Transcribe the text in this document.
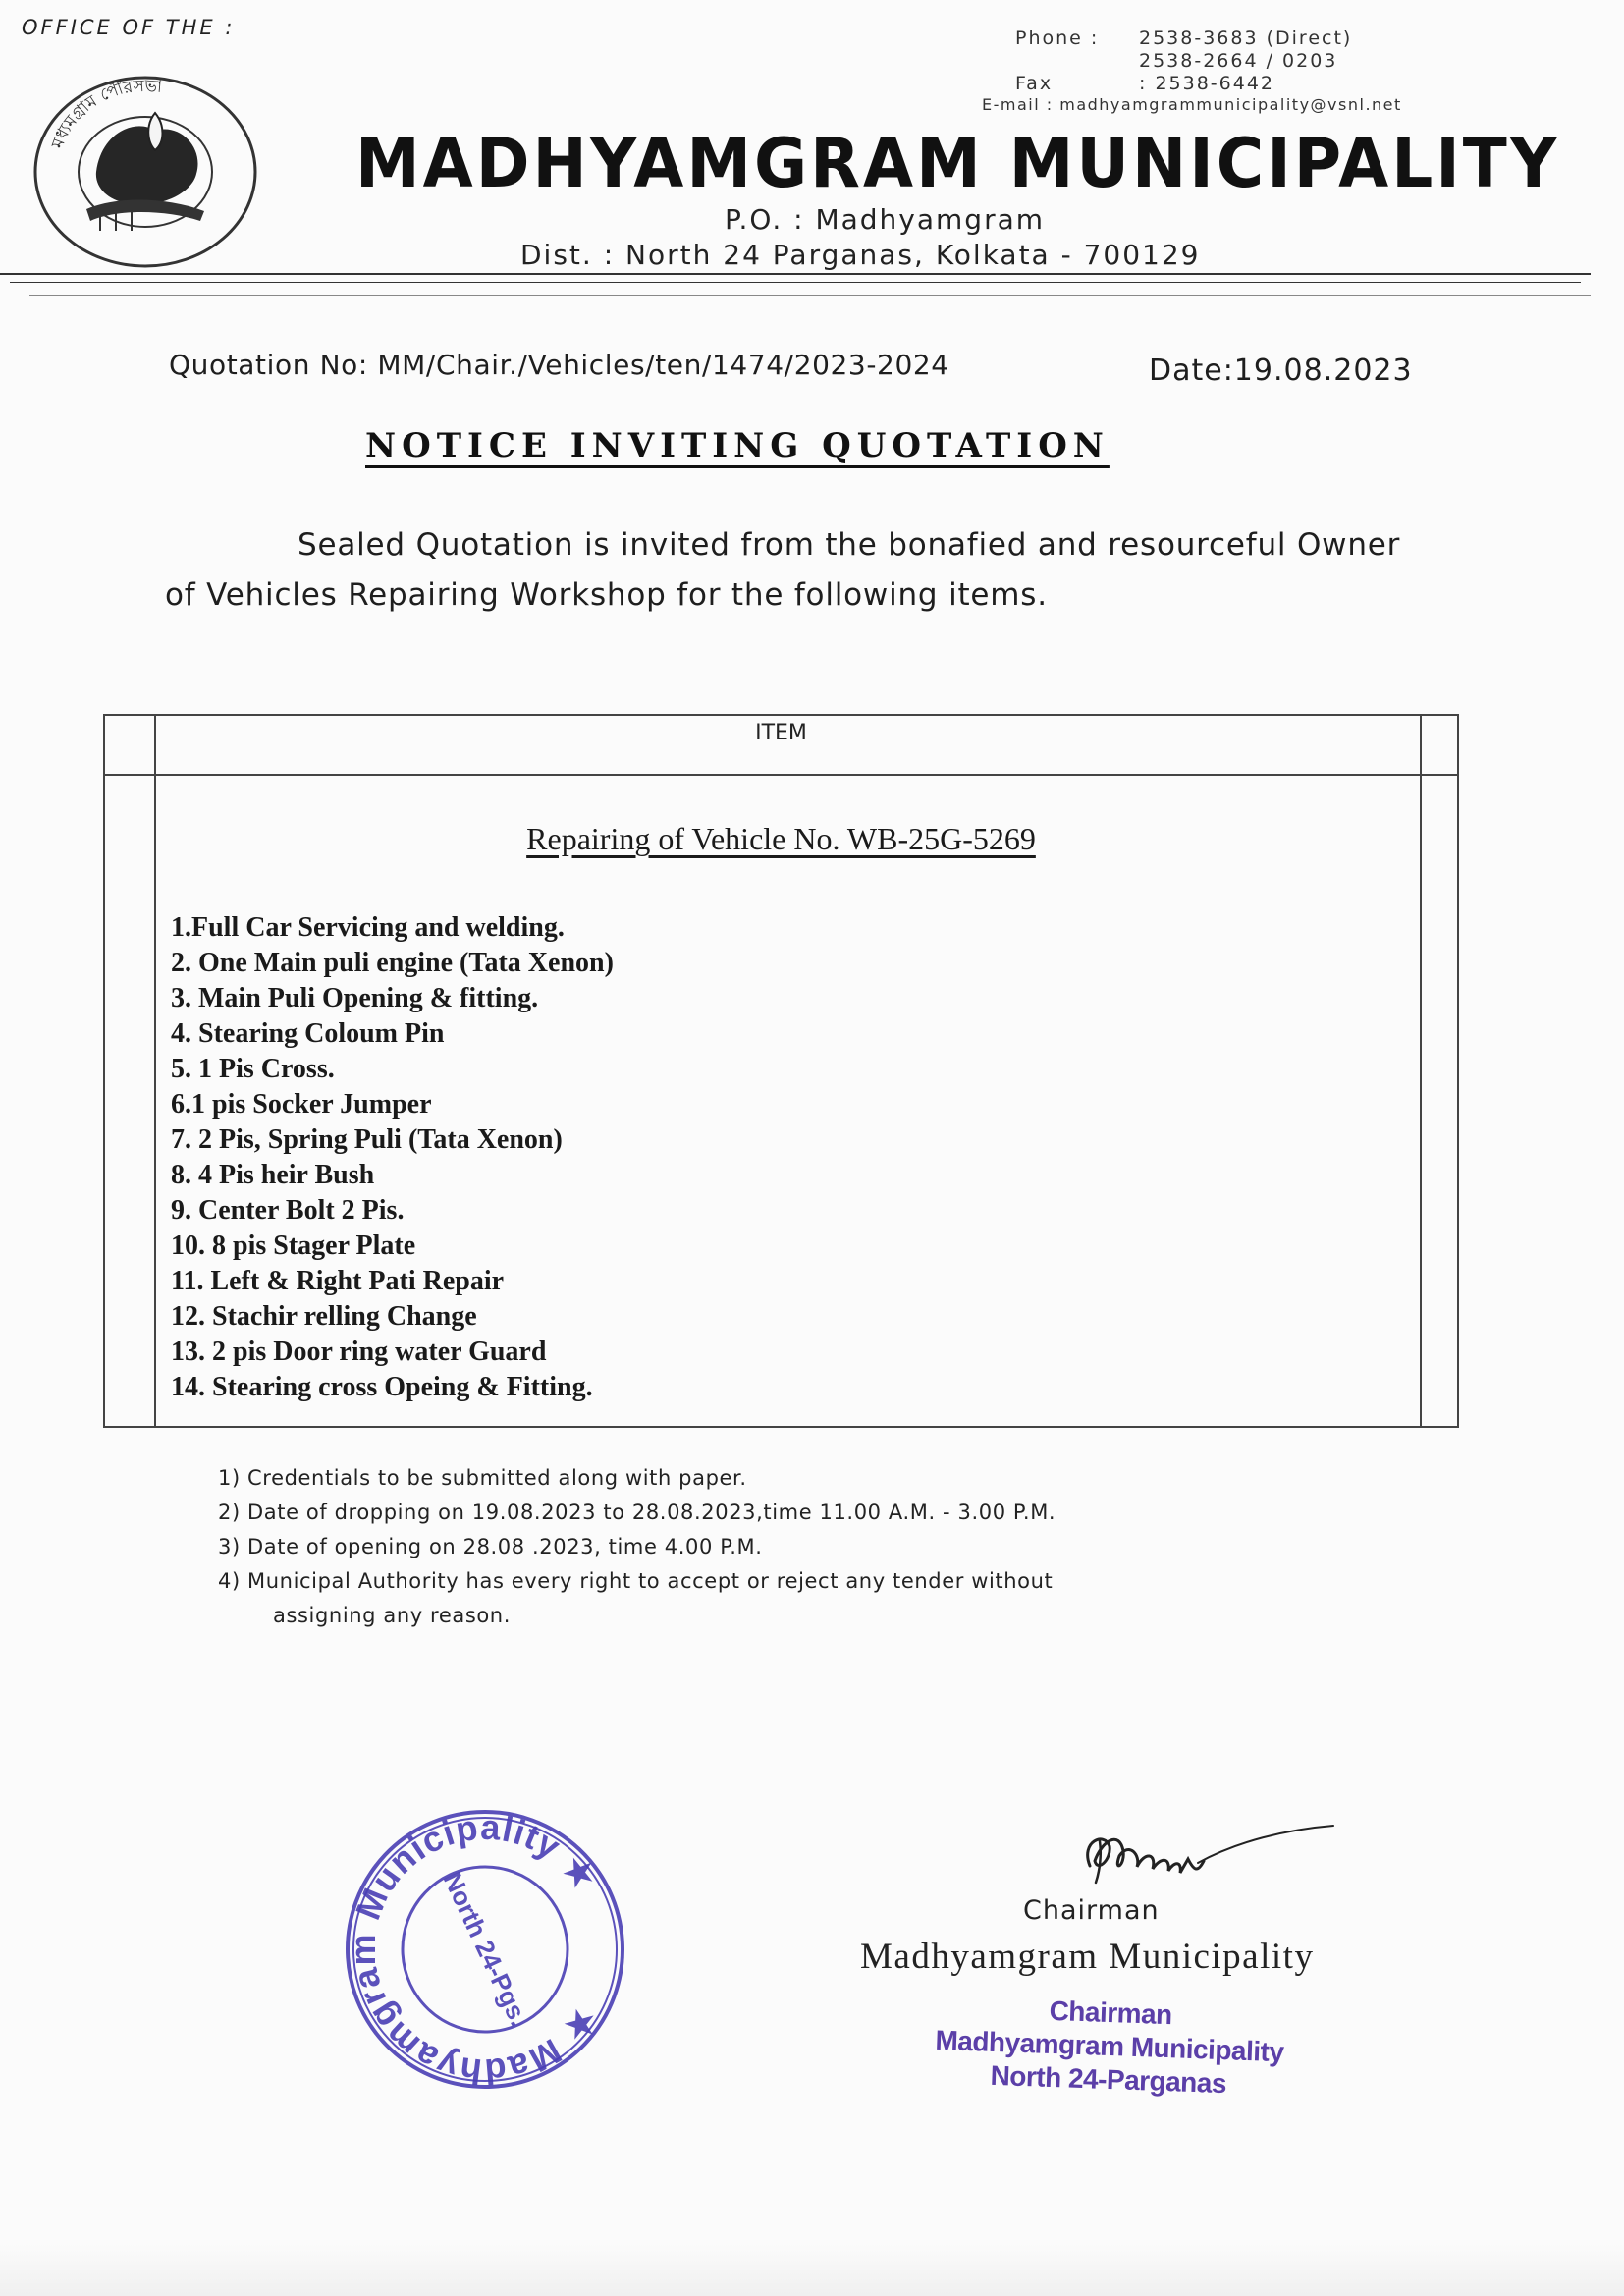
OFFICE OF THE :	Phone : 2538-3683 (Direct)
2538-2664 / 0203
Fax	: 2538-6442
E-mail : madhyamgrammunicipality@vsnl.net
মধ্যমগ্রাম পৌরসভা
MADHYAMGRAM MUNICIPALITY
P.O. : Madhyamgram
Dist. : North 24 Parganas, Kolkata - 700129
Quotation No: MM/Chair./Vehicles/ten/1474/2023-2024	Date:19.08.2023
NOTICE INVITING QUOTATION
Sealed Quotation is invited from the bonafied and resourceful Owner of Vehicles Repairing Workshop for the following items.
ITEM
Repairing of Vehicle No. WB-25G-5269
1.Full Car Servicing and welding.
2. One Main puli engine (Tata Xenon)
3. Main Puli Opening & fitting.
4. Stearing Coloum Pin
5. 1 Pis Cross.
6.1 pis Socker Jumper
7. 2 Pis, Spring Puli (Tata Xenon)
8. 4 Pis heir Bush
9. Center Bolt 2 Pis.
10. 8 pis Stager Plate
11. Left & Right Pati Repair
12. Stachir relling Change
13. 2 pis Door ring water Guard
14. Stearing cross Opeing & Fitting.
1) Credentials to be submitted along with paper.
2) Date of dropping on 19.08.2023 to 28.08.2023,time 11.00 A.M. - 3.00 P.M.
3) Date of opening on 28.08 .2023, time 4.00 P.M.
4) Municipal Authority has every right to accept or reject any tender without
assigning any reason.
★ Madhyamgram Municipality ★
North 24-Pgs.	Chairman
Madhyamgram Municipality
Chairman
Madhyamgram Municipality
North 24-Parganas
